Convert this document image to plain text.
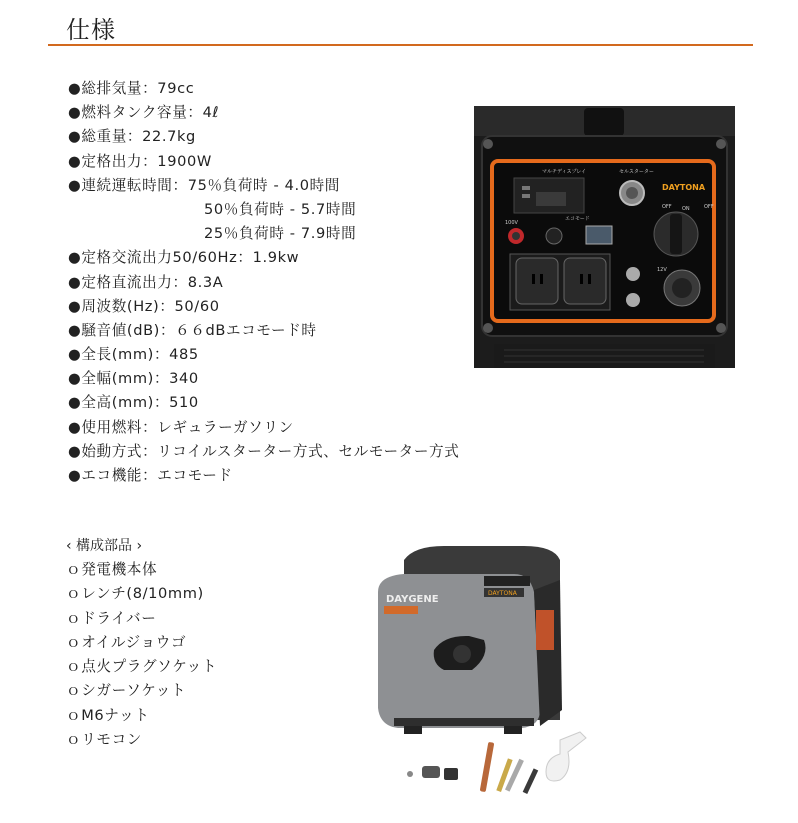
仕様
●総排気量：79cc
●燃料タンク容量：4ℓ
●総重量：22.7kg
●定格出力：1900W
●連続運転時間：75％負荷時 - 4.0時間
50％負荷時 - 5.7時間
25％負荷時 - 7.9時間
●定格交流出力50/60Hz：1.9kw
●定格直流出力：8.3A
●周波数(Hz)：50/60
●騒音値(dB)：６６dBエコモード時
●全長(mm)：485
●全幅(mm)：340
●全高(mm)：510
●使用燃料：レギュラーガソリン
●始動方式：リコイルスターター方式、セルモーター方式
●エコ機能：エコモード
‹ 構成部品 ›
ｏ発電機本体
ｏレンチ(8/10mm)
ｏドライバー
ｏオイルジョウゴ
ｏ点火プラグソケット
ｏシガーソケット
ｏM6ナット
ｏリモコン
マルチディスプレイ	セルスターター
DAYTONA
100V
エコモード
OFF ON	OFF
12V
DAYTONA
DAYGENE
